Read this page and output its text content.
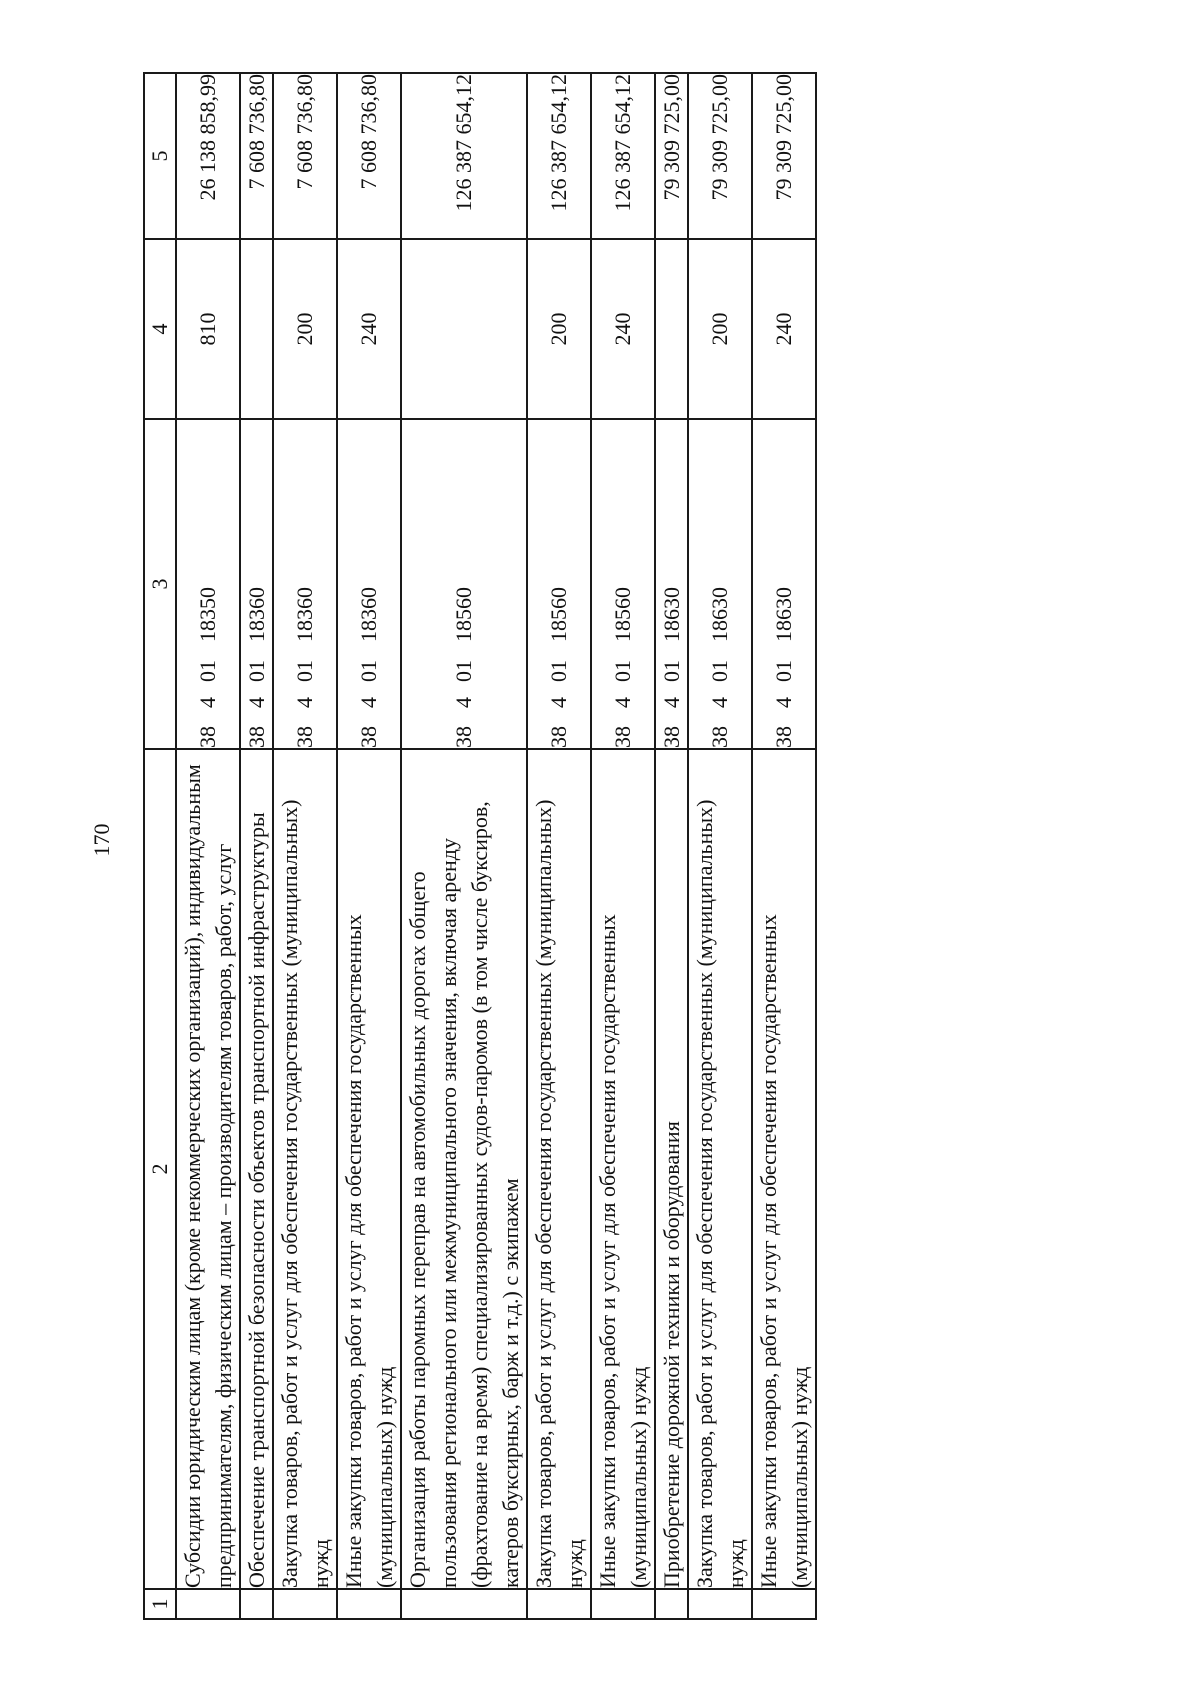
170
1	2	3	4	5
	Субсидии юридическим лицам (кроме некоммерческих организаций), индивидуальным предпринимателям, физическим лицам – производителям товаров, работ, услуг	3840118350	810	26 138 858,99
	Обеспечение транспортной безопасности объектов транспортной инфраструктуры	3840118360		7 608 736,80
	Закупка товаров, работ и услуг для обеспечения государственных (муниципальных) нужд	3840118360	200	7 608 736,80
	Иные закупки товаров, работ и услуг для обеспечения государственных (муниципальных) нужд	3840118360	240	7 608 736,80
	Организация работы паромных переправ на автомобильных дорогах общего пользования регионального или межмуниципального значения, включая аренду (фрахтование на время) специализированных судов-паромов (в том числе буксиров, катеров буксирных, барж и т.д.) с экипажем	3840118560		126 387 654,12
	Закупка товаров, работ и услуг для обеспечения государственных (муниципальных) нужд	3840118560	200	126 387 654,12
	Иные закупки товаров, работ и услуг для обеспечения государственных (муниципальных) нужд	3840118560	240	126 387 654,12
	Приобретение дорожной техники и оборудования	3840118630		79 309 725,00
	Закупка товаров, работ и услуг для обеспечения государственных (муниципальных) нужд	3840118630	200	79 309 725,00
	Иные закупки товаров, работ и услуг для обеспечения государственных (муниципальных) нужд	3840118630	240	79 309 725,00
